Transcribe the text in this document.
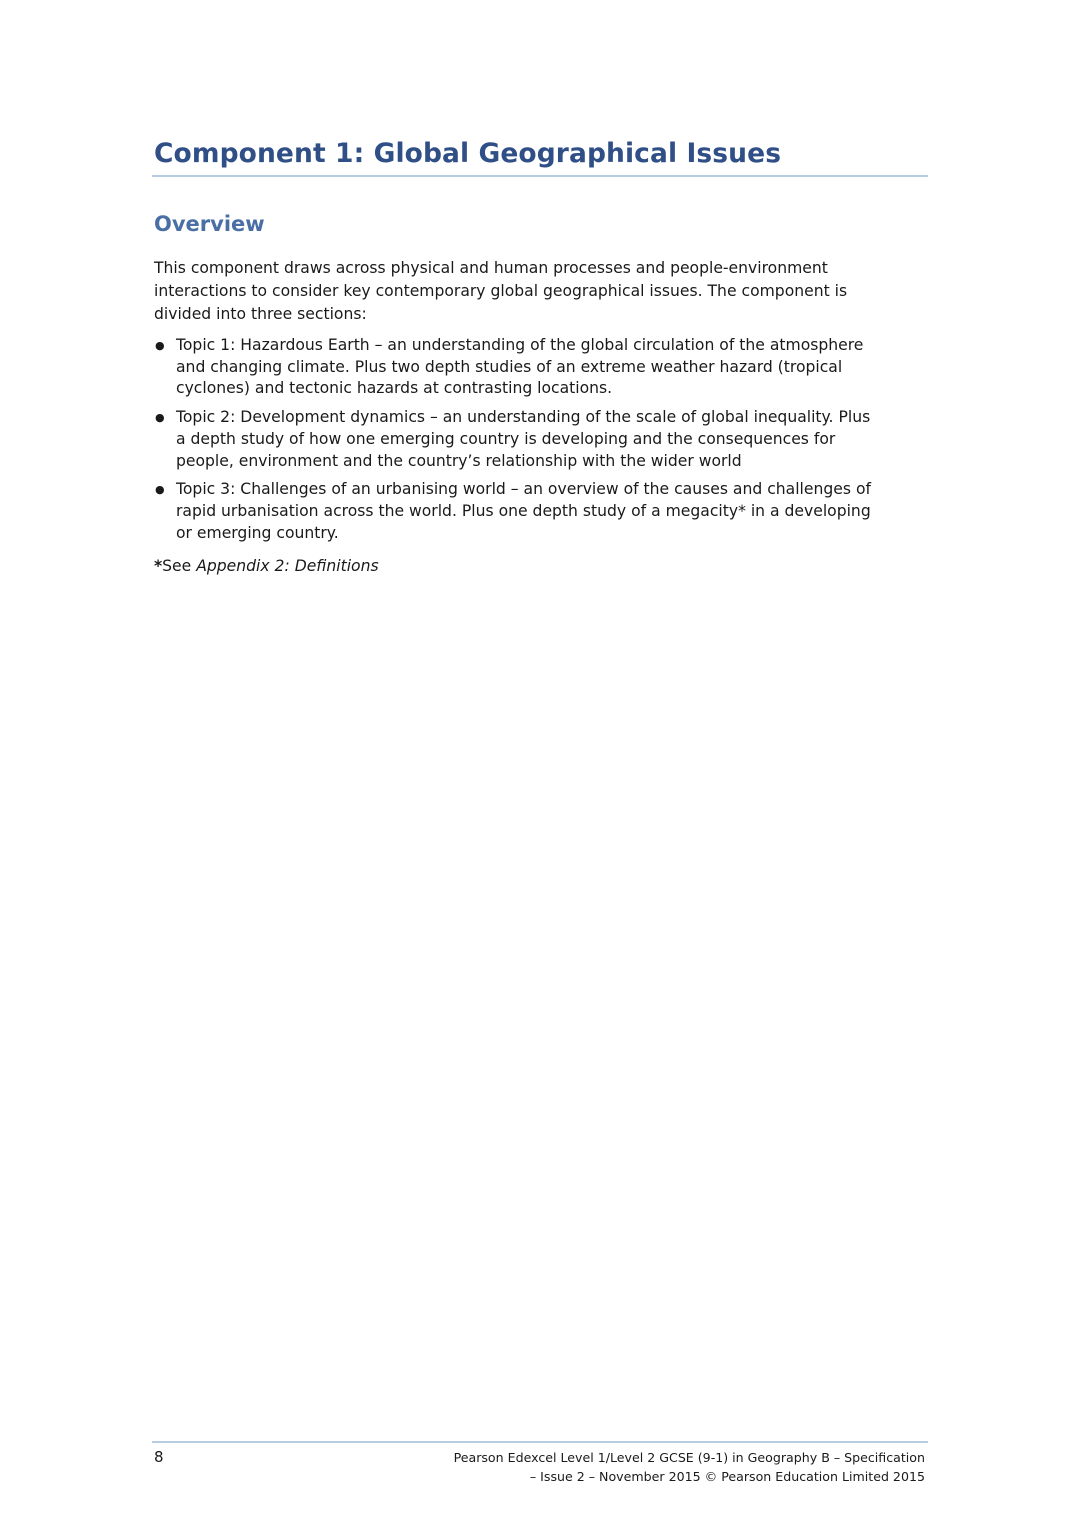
Component 1: Global Geographical Issues
Overview

This component draws across physical and human processes and people-environment
interactions to consider key contemporary global geographical issues. The component is
divided into three sections:

● Topic 1: Hazardous Earth – an understanding of the global circulation of the atmosphere
and changing climate. Plus two depth studies of an extreme weather hazard (tropical
cyclones) and tectonic hazards at contrasting locations.
● Topic 2: Development dynamics – an understanding of the scale of global inequality. Plus
a depth study of how one emerging country is developing and the consequences for
people, environment and the country’s relationship with the wider world
● Topic 3: Challenges of an urbanising world – an overview of the causes and challenges of
rapid urbanisation across the world. Plus one depth study of a megacity* in a developing
or emerging country.

*See Appendix 2: Definitions

8	Pearson Edexcel Level 1/Level 2 GCSE (9-1) in Geography B – Specification
– Issue 2 – November 2015 © Pearson Education Limited 2015
